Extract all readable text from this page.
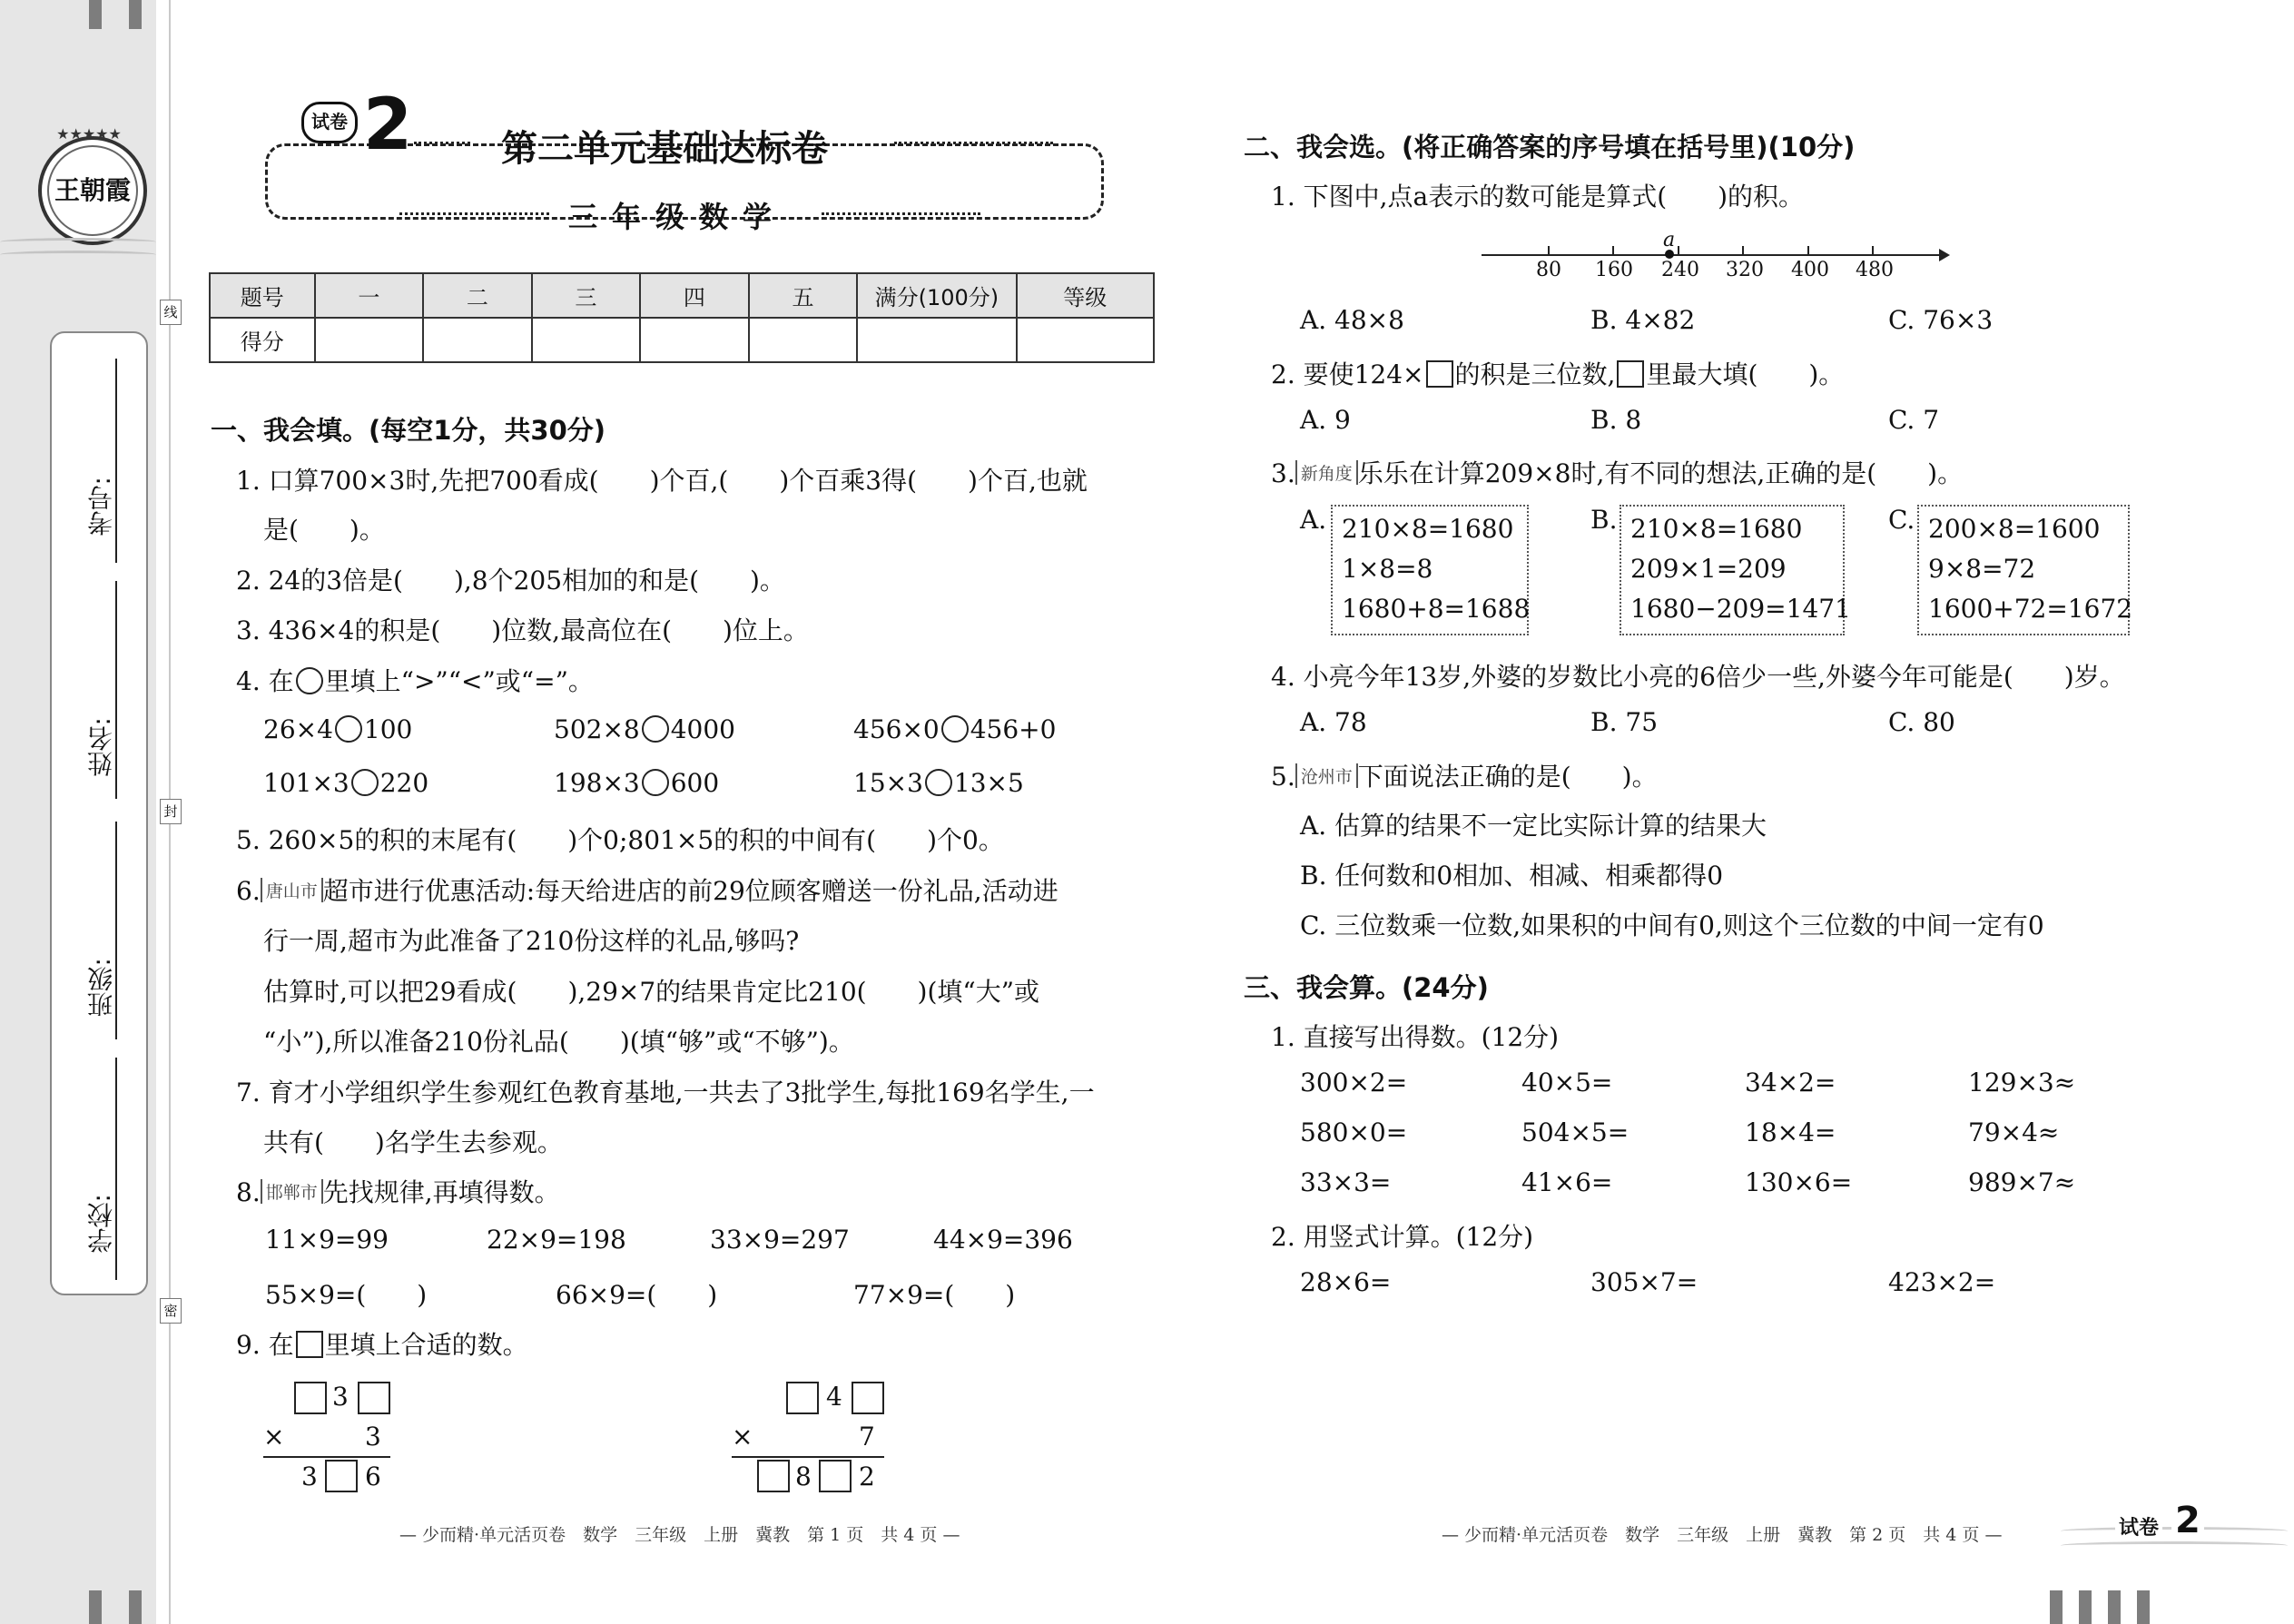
王朝霞
★★★★★
线
封
密
考号:
姓名:
班级:
学校:
试卷 2 第二单元基础达标卷
三年级数学
题号	一	二	三	四	五	满分(100分)	等级
得分							
一、我会填。(每空1分，共30分)
1. 口算700×3时,先把700看成(　　)个百,(　　)个百乘3得(　　)个百,也就
是(　　)。
2. 24的3倍是(　　),8个205相加的和是(　　)。
3. 436×4的积是(　　)位数,最高位在(　　)位上。
4. 在 里填上“>”“<”或“=”。
26×4 100	502×8 4000	456×0 456+0
101×3 220	198×3 600	15×3 13×5
5. 260×5的积的末尾有(　　)个0;801×5的积的中间有(　　)个0。
6. 唐山市 超市进行优惠活动:每天给进店的前29位顾客赠送一份礼品,活动进
行一周,超市为此准备了210份这样的礼品,够吗?
估算时,可以把29看成(　　),29×7的结果肯定比210(　　)(填“大”或
“小”),所以准备210份礼品(　　)(填“够”或“不够”)。
7. 育才小学组织学生参观红色教育基地,一共去了3批学生,每批169名学生,一
共有(　　)名学生去参观。
8. 邯郸市 先找规律,再填得数。
11×9=99	22×9=198	33×9=297	44×9=396
55×9=(　　)	66×9=(　　)	77×9=(　　)
9. 在 里填上合适的数。
3
×	3
3 6
4
×	7
8 2
— 少而精·单元活页卷　数学　三年级　上册　冀教　第 1 页　共 4 页 —
二、我会选。(将正确答案的序号填在括号里)(10分)
1. 下图中,点a表示的数可能是算式(　　)的积。
a
80 160 240 320 400 480
A. 48×8	B. 4×82	C. 76×3
2. 要使124× 的积是三位数, 里最大填(　　)。
A. 9	B. 8	C. 7
3. 新角度 乐乐在计算209×8时,有不同的想法,正确的是(　　)。
A. 210×8=1680
1×8=8
1680+8=1688
B. 210×8=1680
209×1=209
1680−209=1471
C. 200×8=1600
9×8=72
1600+72=1672
4. 小亮今年13岁,外婆的岁数比小亮的6倍少一些,外婆今年可能是(　　)岁。
A. 78	B. 75	C. 80
5. 沧州市 下面说法正确的是(　　)。
A. 估算的结果不一定比实际计算的结果大
B. 任何数和0相加、相减、相乘都得0
C. 三位数乘一位数,如果积的中间有0,则这个三位数的中间一定有0
三、我会算。(24分)
1. 直接写出得数。(12分)
300×2=	40×5=	34×2=	129×3≈
580×0=	504×5=	18×4=	79×4≈
33×3=	41×6=	130×6=	989×7≈
2. 用竖式计算。(12分)
28×6=	305×7=	423×2=
— 少而精·单元活页卷　数学　三年级　上册　冀教　第 2 页　共 4 页 —	试卷 2
